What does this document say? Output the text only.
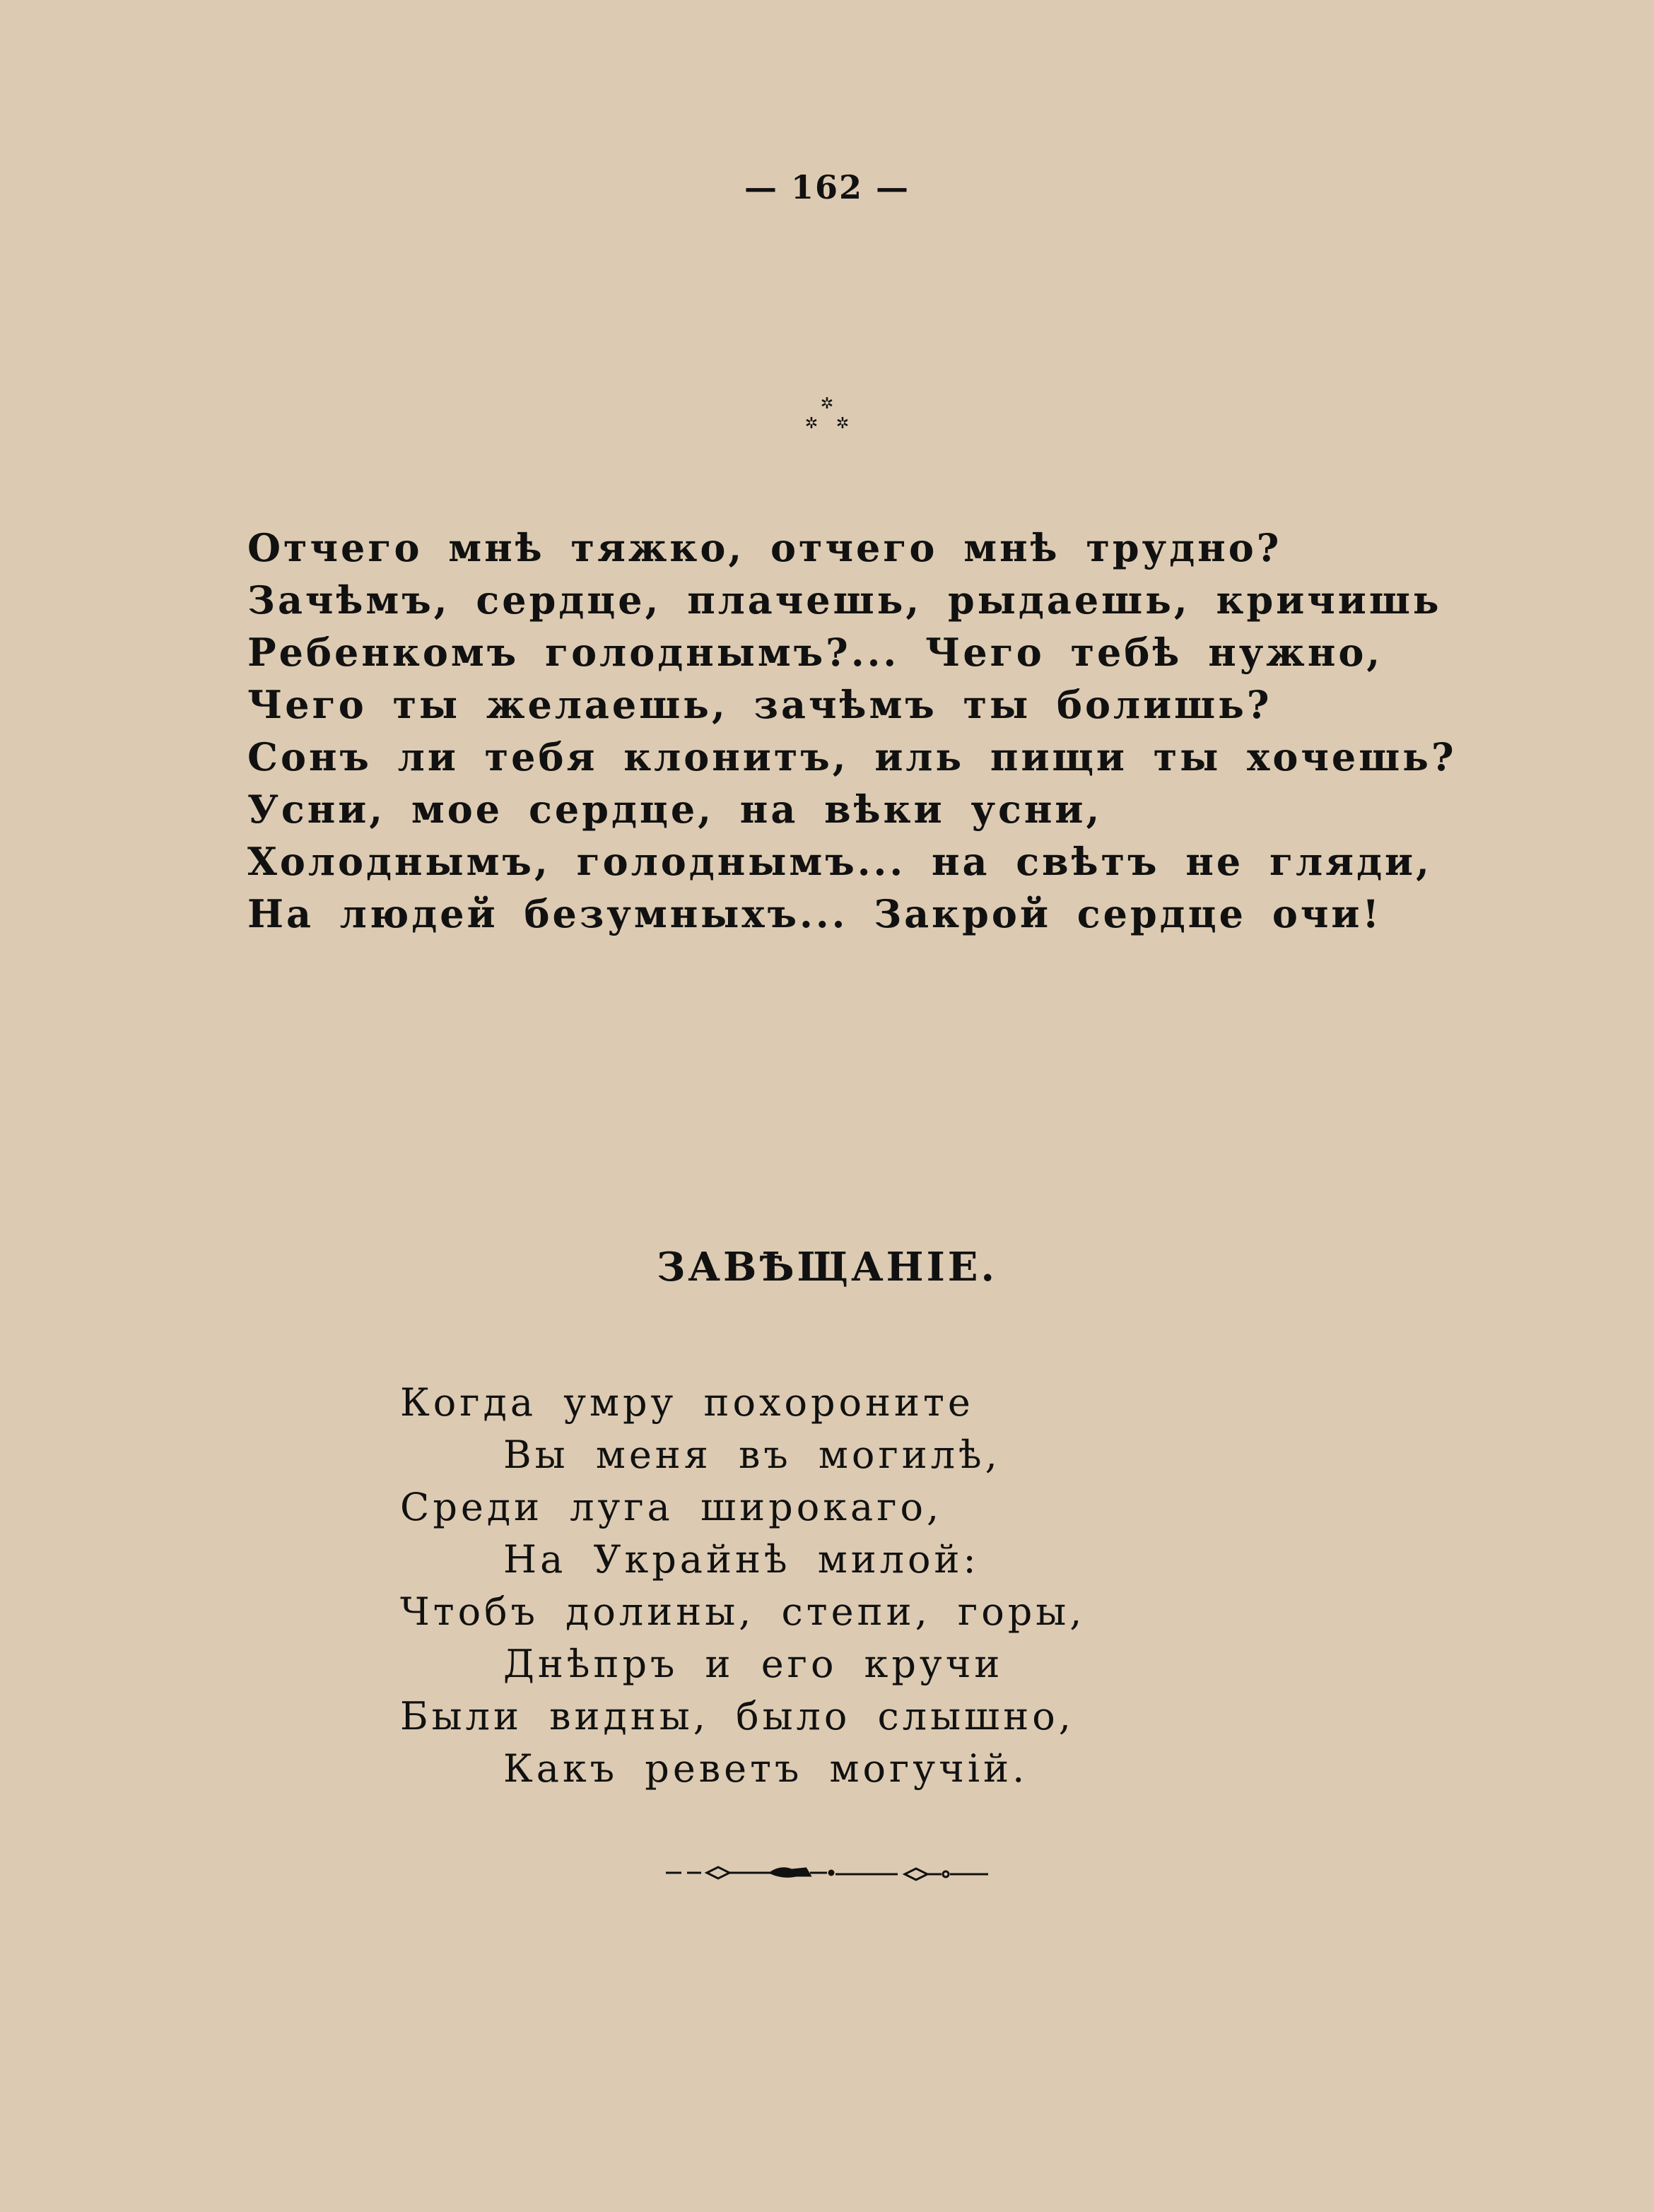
— 162 —
✲
✲ ✲
Отчего мнѣ тяжко, отчего мнѣ трудно?
Зачѣмъ, сердце, плачешь, рыдаешь, кричишь
Ребенкомъ голоднымъ?... Чего тебѣ нужно,
Чего ты желаешь, зачѣмъ ты болишь?
Сонъ ли тебя клонитъ, иль пищи ты хочешь?
Усни, мое сердце, на вѣки усни,
Холоднымъ, голоднымъ... на свѣтъ не гляди,
На людей безумныхъ... Закрой сердце очи!
ЗАВѢЩАНІЕ.
Когда умру похороните
Вы меня въ могилѣ,
Среди луга широкаго,
На Украйнѣ милой:
Чтобъ долины, степи, горы,
Днѣпръ и его кручи
Были видны, было слышно,
Какъ реветъ могучій.
